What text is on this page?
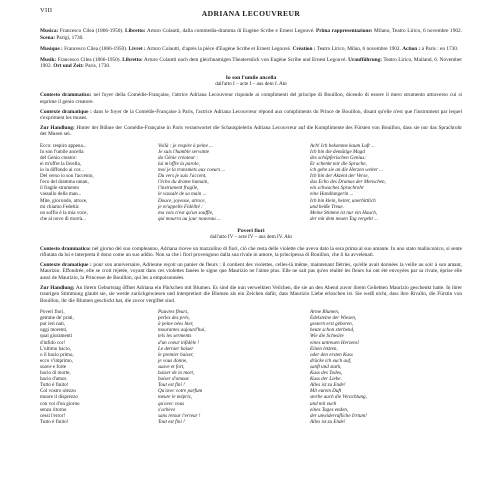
VIII	ADRIANA LECOUVREUR

Musica: Francesco Cilea (1866-1950). Libretto: Arturo Colautti, dalla commedia-dramma di Eugène Scribe e Ernest Legouvé. Prima rappresentazione: Milano, Teatro Lirico, 6 novembre 1902. Scena: Parigi, 1730.

Musique : Francesco Cilea (1866-1950). Livret : Arturo Colautti, d'après la pièce d'Eugène Scribe et Ernest Legouvé. Création : Teatro Lirico, Milan, 6 novembre 1902. Action : à Paris : en 1730.

Musik: Francesco Cilea (1866-1950). Libretto: Arturo Colautti nach dem gleichnamigen Theaterstück von Eugène Scribe und Ernest Legouvé. Uraufführung: Teatro Lirico, Mailand, 6. November 1902. Ort und Zeit: Paris, 1730.

Io son l'umile ancella
dall'atto I – acte I – aus dem I. Akt

Contesto drammatico: nel foyer della Comédie-Française, l'attrice Adriana Lecouvreur risponde ai complimenti del principe di Bouillon, dicendo di essere il mero strumento attraverso cui si esprime il genio creatore.

Contexte dramatique : dans le foyer de la Comédie-Française à Paris, l'actrice Adriana Lecouvreur répond aux compliments du Prince de Bouillon, disant qu'elle n'est que l'instrument par lequel s'expriment les muses.

Zur Handlung: Hinter der Bühne der Comédie-Française in Paris verantwortet die Schauspielerin Adriana Lecouvreur auf die Komplimente des Fürsten von Bouillon, dass sie nur das Sprachrohr der Musen sei.

Ecco: respiro appena...
Io son l'umile ancella
del Genio creator:
ei m'offre la favella,
io la diffondo ai cor...
Del verso io son l'accento,
l'eco del dramma uman,
il fragile strumento
vassallo della man...
Mite, giocondo, atroce,
mi chiamo Fedeltà:
un soffio è la mia voce,
che al novo dì morrà...
Voilà : je respire à peine ...
Je suis l'humble servante
du Génie créateur :
lui m'offre la parole,
moi je la transmets aux coeurs ...
Du vers je suis l'accent,
l'écho du drame humain,
l'instrument fragile,
le vassale de sa main ...
Douce, joyeuse, atroce,
je m'appelle Fidélité :
ma voix n'est qu'un souffle,
qui mourra au jour nouveau ...
Ach! Ich bekomme kaum Luft ...
Ich bin die demütige Magd
des schöpferischen Genius:
Er schenkt mir die Sprache,
ich gebe sie an die Herzen weiter ...
Ich bin der Akzent der Verse,
das Echo des Dramas der Menschen,
ein schwaches Sprachrohr
eine Handlangerin ...
Ich bin klein, heiter, unerbittlich
und heiße Treue.
Meine Stimme ist nur ein Hauch,
der mit dem neuen Tag vergeht ...
Poveri fiori
dall'atto IV – acte IV – aus dem IV. Akt

Contesto drammatico: nel giorno del suo compleanno, Adriana riceve un mazzolino di fiori, ciò che resta delle violette che aveva dato la sera prima al suo amante. In uno stato malinconico, si sente rifiutata da lui e interpreta il dono come un suo addio. Non sa che i fiori provengono dalla sua rivale in amore, la principessa di Bouillon, che li ha avvelenati.

Contexte dramatique : pour son anniversaire, Adrienne reçoit un panier de fleurs : il contient des violettes, celles-là même, maintenant flétries, qu'elle avait données la veille au soir à son amant, Maurizio. Effondrée, elle se croit rejetée, voyant dans ces violettes fanées le signe que Maurizio ne l'aime plus. Elle ne sait pas qu'en réalité les fleurs lui ont été envoyées par sa rivale, éprise elle aussi de Maurizio, la Princesse de Bouillon, qui les a empoisonnées.

Zur Handlung: An ihrem Geburtstag öffnet Adriana ein Päckchen mit Blumen. Es sind die nun verwelkten Veilchen, die sie an den Abend zuvor ihrem Geliebten Maurizio geschenkt hatte. In ihrer traurigen Stimmung glaubt sie, sie werde zurückgewiesen und interpretiert die Blumen als ein Zeichen dafür, dass Maurizio Liebe erloschen ist. Sie weiß nicht, dass ihre Rivalin, die Fürstin von Bouillon, ihr die Blumen geschickt hat, die zuvor vergiftet sind.

Poveri fiori,
gemme de' prati,
pur ieri nati,
oggi morenti,
quai giuramenti
d'infido cor!
L'ultimo bacio,
o il bacio primo,
ecco v'imprimo,
soave e forte
bacio di morte,
bacio d'amor.
Tutto è finito!
Col vostro olezzo
muore il disprezzo
con voi d'un giorno
senza ritorno
cessi l'error!
Tutto è finito!
Pauvres fleurs,
perles des prés,
à peine nées hier,
mourantes aujourd'hui,
tels les serments
d'un coeur infidèle !
Le dernier baiser
le premier baiser,
je vous donne,
suave et fort,
baiser de la mort,
baiser d'amour.
Tout est fini !
Qu'avec votre parfum
meure le mépris,
qu'avec vous
s'achève
sans retour l'erreur !
Tout est fini !
Arme Blumen,
Edelsteine der Wiesen,
gestern erst geboren,
heute schon sterbend,
Wie die Schwüre
eines untreuen Herzens!
Einen letzten,
oder den ersten Kuss
drücke ich euch auf,
sanft und stark,
Kuss des Todes,
Kuss der Liebe.
Alles ist zu Ende!
Mit eurem Duft
sterbe auch die Verachtung,
und mit euch
eines Tages enden,
der unwiderrufliche Irrtum!
Alles ist zu Ende!
